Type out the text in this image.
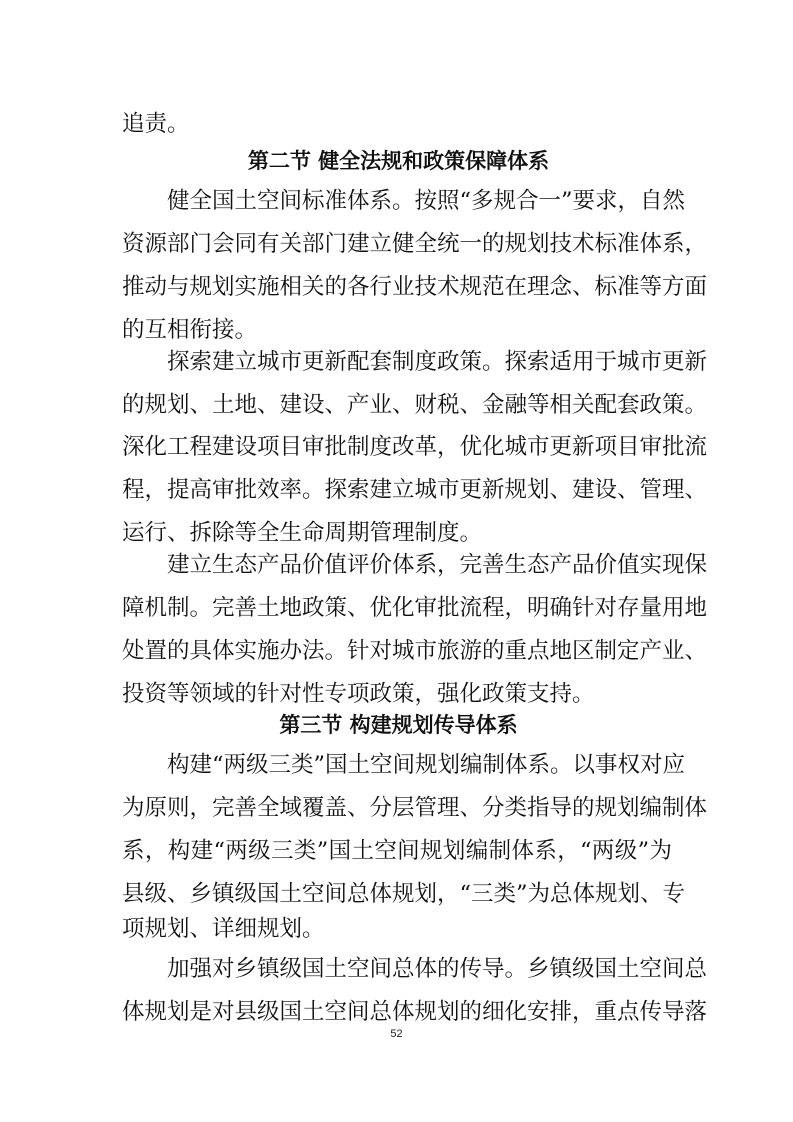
追责。
第二节 健全法规和政策保障体系
健全国土空间标准体系。按照“多规合一”要求，自然
资源部门会同有关部门建立健全统一的规划技术标准体系，
推动与规划实施相关的各行业技术规范在理念、标准等方面
的互相衔接。
探索建立城市更新配套制度政策。探索适用于城市更新
的规划、土地、建设、产业、财税、金融等相关配套政策。
深化工程建设项目审批制度改革，优化城市更新项目审批流
程，提高审批效率。探索建立城市更新规划、建设、管理、
运行、拆除等全生命周期管理制度。
建立生态产品价值评价体系，完善生态产品价值实现保
障机制。完善土地政策、优化审批流程，明确针对存量用地
处置的具体实施办法。针对城市旅游的重点地区制定产业、
投资等领域的针对性专项政策，强化政策支持。
第三节 构建规划传导体系
构建“两级三类”国土空间规划编制体系。以事权对应
为原则，完善全域覆盖、分层管理、分类指导的规划编制体
系，构建“两级三类”国土空间规划编制体系，“两级”为
县级、乡镇级国土空间总体规划，“三类”为总体规划、专
项规划、详细规划。
加强对乡镇级国土空间总体的传导。乡镇级国土空间总
体规划是对县级国土空间总体规划的细化安排，重点传导落
52
